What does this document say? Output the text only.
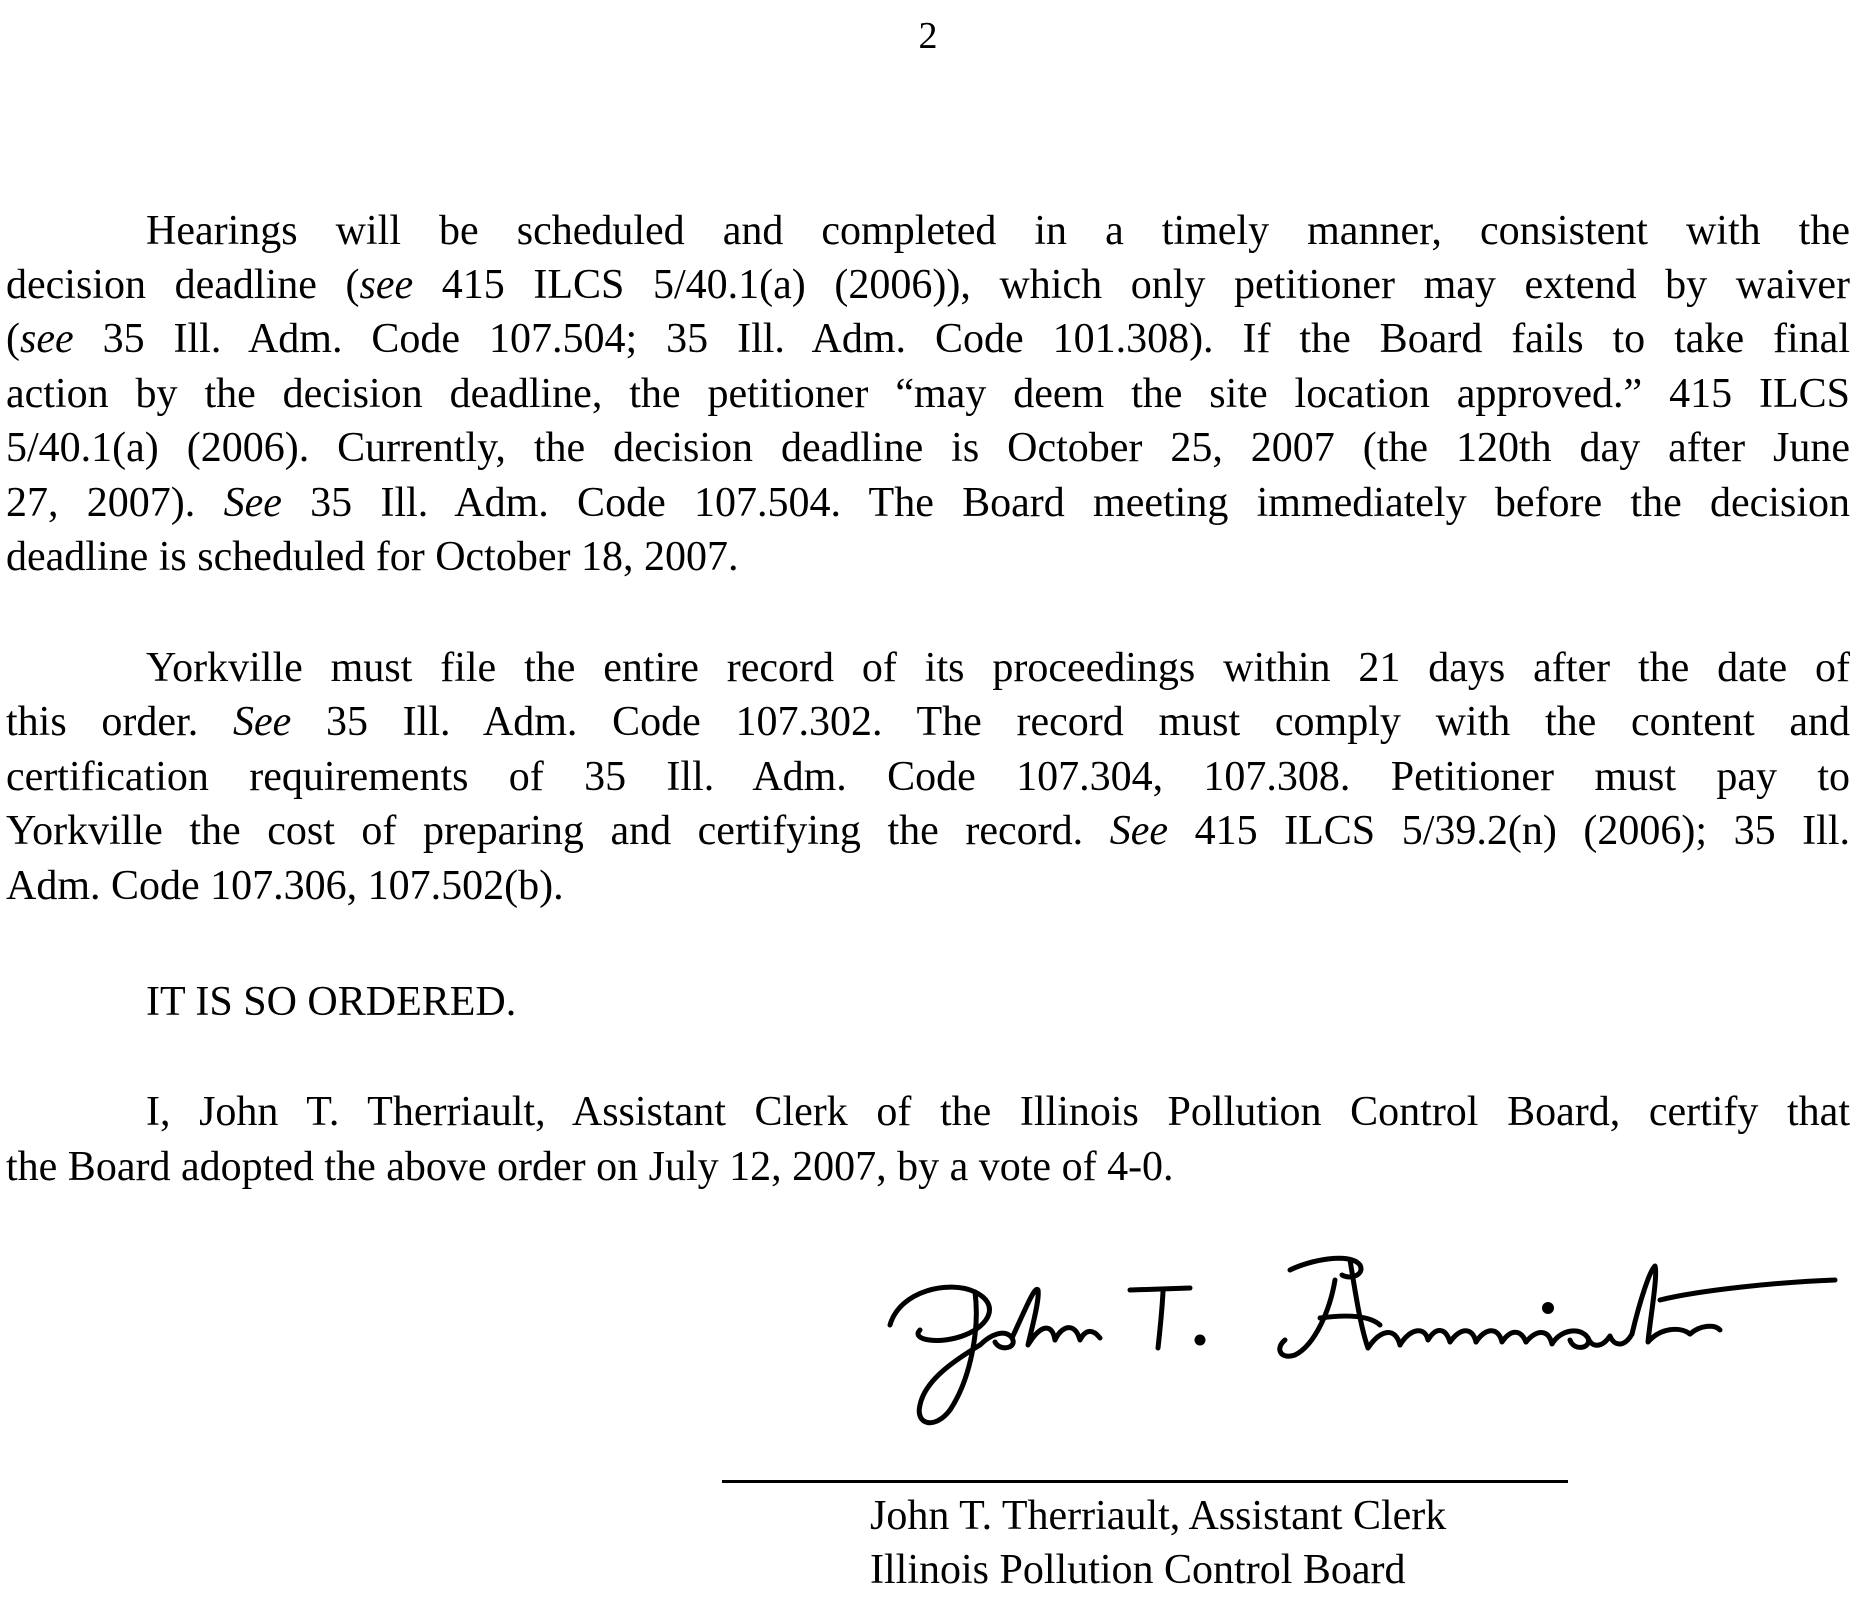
2
Hearings will be scheduled and completed in a timely manner, consistent with the
decision deadline (see 415 ILCS 5/40.1(a) (2006)), which only petitioner may extend by waiver
(see 35 Ill. Adm. Code 107.504; 35 Ill. Adm. Code 101.308). If the Board fails to take final
action by the decision deadline, the petitioner “may deem the site location approved.” 415 ILCS
5/40.1(a) (2006). Currently, the decision deadline is October 25, 2007 (the 120th day after June
27, 2007). See 35 Ill. Adm. Code 107.504. The Board meeting immediately before the decision
deadline is scheduled for October 18, 2007.
Yorkville must file the entire record of its proceedings within 21 days after the date of
this order. See 35 Ill. Adm. Code 107.302. The record must comply with the content and
certification requirements of 35 Ill. Adm. Code 107.304, 107.308. Petitioner must pay to
Yorkville the cost of preparing and certifying the record. See 415 ILCS 5/39.2(n) (2006); 35 Ill.
Adm. Code 107.306, 107.502(b).
IT IS SO ORDERED.
I, John T. Therriault, Assistant Clerk of the Illinois Pollution Control Board, certify that
the Board adopted the above order on July 12, 2007, by a vote of 4-0.
John T. Therriault, Assistant Clerk
Illinois Pollution Control Board
